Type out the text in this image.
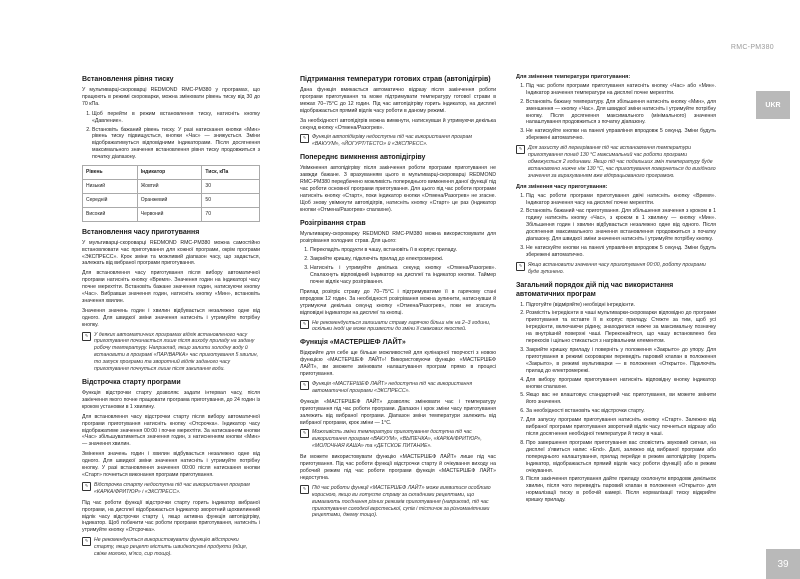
RMC-PM380
UKR
39
Встановлення рівня тиску

У мультиварці-скороварці REDMOND RMC-PM380 у програмах, що працюють в режимі скороварки, можна змінювати рівень тиску від 30 до 70 кПа.

1. Щоб перейти в режим встановлення тиску, натисніть кнопку «Давление».
2. Встановіть бажаний рівень тиску. У разі натискання кнопки «Мин» рівень тиску підвищується, кнопки «Час» — знижується. Зміни відображатимуться відповідними індикаторами. Після досягнення максимального значення встановлення рівня тиску продовжиться з початку діапазону.
Рівень	Індикатор	Тиск, кПа
Низький	Жовтий	30
Середній	Оранжевий	50
Високий	Червоний	70
Встановлення часу приготування

У мультиварці-скороварці REDMOND RMC-PM380 можна самостійно встановлювати час приготування для кожної програми, окрім програми «ЭКСПРЕСС». Крок зміни та можливий діапазон часу, що задається, залежать від вибраної програми приготування.

Для встановлення часу приготування після вибору автоматичної програми натисніть кнопку «Время». Значення годин на індикаторі часу почне мерехтіти. Встановіть бажане значення годин, натискуючи кнопку «Час». Вибравши значення годин, натисніть кнопку «Мин», встановіть значення хвилин.

Значення значень годин і хвилин відбувається незалежно одне від одного. Для швидкої зміни значення натисніть і утримуйте потрібну кнопку.

✎	У деяких автоматичних програмах відлік встановленого часу приготування починається лише після виходу приладу на задану робочу температуру. Наприклад, якщо залити холодну воду й встановити в програмі «ПАР/ВАРКА» час приготування 5 хвилин, то запуск програми та зворотний відлік заданого часу приготування почнуться лише після закипання води.
Відстрочка старту програми

Функція відстрочки старту дозволяє задати інтервал часу, після закінчення якого почне працювати програма приготування, до 24 годин із кроком установки в 1 хвилину.

Для встановлення часу відстрочки старту після вибору автоматичної програми приготування натисніть кнопку «Отсрочка». Індикатор часу відображатиме значення 00:00 і почне мерехтіти. За натисканням кнопки «Час» збільшуватиметься значення годин, з натисненням кнопки «Мин» — значення хвилин.

Змінення значень годин і хвилин відбувається незалежно одне від одного. Для швидкої зміни значення натисніть і утримуйте потрібну кнопку. У разі встановлення значення 00:00 після натискання кнопки «Старт» почнеться виконання програми приготування.

✎	Відстрочка старту недоступна під час використання програм «КАРКА/ФРИТЮР» і «ЭКСПРЕСС».

Під час роботи функції відстрочки старту горить індикатор вибраної програми, на дисплеї відображається індикатор зворотний щохвилинний відлік часу відстрочки старту і, якщо активна функція автопідігріву, індикатор. Щоб побачити час роботи програми приготування, натисніть і утримуйте кнопку «Отсрочка».

✎	Не рекомендується використовувати функцію відстрочки старту, якщо рецепт містить швидкопсувні продукти (яйця, свіже молоко, м'ясо, сир тощо).
Підтримання температури готових страв (автопідігрів)

Дана функція вмикається автоматично відразу після закінчення роботи програми приготування та може підтримувати температуру готової страви в межах 70–75°С до 12 годин. Під час автопідігріву горить індикатор, на дисплеї відображається прямий відлік часу роботи в даному режимі.

За необхідності автопідігрів можна вимкнути, натиснувши й утримуючи декілька секунд кнопку «Отмена/Разогрев».

✎	Функція автопідігріву недоступна під час використання програм «ВАКУУМ», «ЙОГУРТ/ТЕСТО» й «ЭКСПРЕСС».
Попереднє вимкнення автопідігріву

Увімкнення автопідігріву після закінчення роботи програми приготування не завжди бажане. З врахуванням цього в мультиварці-скороварці REDMOND RMC-PM380 передбачено можливість попереднього вимкнення даної функції під час роботи основної програми приготування. Для цього під час роботи програми натисніть кнопку «Старт», поки індикатор кнопки «Отмена/Разогрев» не згасне. Щоб знову увімкнути автопідігрів, натисніть кнопку «Старт» це раз (індикатор кнопки «Отмена/Разогрев» спалахне).

Розігрівання страв

Мультиварку-скороварку REDMOND RMC-PM380 можна використовувати для розігрівання холодних страв. Для цього:

1. Перекладіть продукти в чашу, встановіть її в корпус приладу.
2. Закрийте кришку, підключіть прилад до електромережі.
3. Натисніть і утримуйте декілька секунд кнопку «Отмена/Разогрев». Спалахнуть відповідний індикатор на дисплеї та індикатор кнопки. Таймер почне відлік часу розігрівання.

Прилад розігріє страву до 70–75°С і підтримуватиме її в гарячому стані впродовж 12 годин. За необхідності розігрівання можна зупинити, натиснувши й утримуючи декілька секунд кнопку «Отмена/Разогрев», поки не згаснуть відповідні індикатори на дисплеї та кнопці.

✎	Не рекомендується залишати страву гарячою більш ніж на 2–3 години, оскільки іноді це може призвести до зміни її смакових якостей.
Функція «МАСТЕРШЕФ ЛАЙТ»

Відкрийте для себе ще більше можливостей для кулінарної творчості з новою функцією «МАСТЕРШЕФ ЛАЙТ»! Використовуючи функцію «МАСТЕРШЕФ ЛАЙТ», ви зможете змінювати налаштування програм прямо в процесі приготування.

✎	Функція «МАСТЕРШЕФ ЛАЙТ» недоступна під час використання автоматичної програми «ЭКСПРЕСС».

Функція «МАСТЕРШЕФ ЛАЙТ» дозволяє змінювати час і температуру приготування під час роботи програми. Діапазон і крок зміни часу приготування залежить від вибраної програми. Діапазон зміни температури залежить від вибраної програми, крок зміни — 1°С.

✎	Можливість зміни температури приготування доступна під час використання програм «ВАКУУМ», «ВЫПЕЧКА», «КАРКА/ФРИТЮР», «МОЛОЧНАЯ КАША» та «ДЕТСКОЕ ПИТАНИЕ».

Ви можете використовувати функцію «МАСТЕРШЕФ ЛАЙТ» лише під час приготування. Під час роботи функції відстрочки старту й очікування виходу на робочий режим під час роботи програми функція «МАСТЕРШЕФ ЛАЙТ» недоступна.

✎	Під час роботи функції «МАСТЕРШЕФ ЛАЙТ» може виявитися особливо корисною, якщо ви готуєте страву за складними рецептами, що вимагають поєднання різних режимів приготування (наприклад, під час приготування солодкої верстеської, супів і тістичок за різноманітними рецептами, джему тощо).
Для змінення температури приготування:
1. Під час роботи програми приготування натисніть кнопку «Час» або «Мин». Індикатор значення температури на дисплеї почне мерехтіти.
2. Встановіть бажану температуру. Для збільшення натисніть кнопку «Мин», для зменшення — кнопку «Час». Для швидкої зміни натисніть і утримуйте потрібну кнопку. Після досягнення максимального (мінімального) значення налаштування продовжиться з початку діапазону.
3. Не натискуйте кнопки на панелі управління впродовж 5 секунд. Зміни будуть збережені автоматично.
✎	Для захисту від перегрівання під час встановлення температури приготування понад 130 °С максимальний час роботи програми обмежується 2 годинами. Якщо під час подальших змін температуру буде встановлено нижче ніж 130 °С, час приготування повернеться до вихідного значення за вирахуванням вже відпрацьованого програмою.
Для змінення часу приготування:
1. Під час роботи програми приготування двічі натисніть кнопку «Время». Індикатор значення часу на дисплеї почне мерехтіти.
2. Встановіть бажаний час приготування. Для збільшення значення з кроком в 1 годину натисніть кнопку «Час», з кроком в 1 хвилину — кнопку «Мин». Збільшення годин і хвилин відбувається незалежно одне від одного. Після досягнення максимального значення встановлення продовжиться з початку діапазону. Для швидкої зміни значення натисніть і утримуйте потрібну кнопку.
3. Не натискуйте кнопки на панелі управління впродовж 5 секунд. Зміни будуть збережені автоматично.
✎	Якщо встановити значення часу приготування 00:00, роботу програми буде зупинено.
Загальний порядок дій під час використання автоматичних програм
1. Підготуйте (відміряйте) необхідні інгредієнти.
2. Розмістіть інгредієнти в чаші мультиварки-скороварки відповідно до програми приготування та вставте її в корпус приладу. Стежте за тим, щоб усі інгредієнти, включаючи рідину, знаходилися нижче за максимальну позначку на внутрішній поверхні чаші. Переконайтеся, що чашу встановлено без перекосів і щільно стикається з нагрівальним елементом.
3. Закрийте кришку приладу і поверніть у положення «Закрыто» до упору. Для приготування в режимі скороварки переведіть паровий клапан в положення «Закрыто», в режимі мультиварки — в положення «Открыто». Підключіть прилад до електромережі.
4. Для вибору програми приготування натисніть відповідну кнопку індикатор кнопки спалахне.
5. Якщо вас не влаштовує стандартний час приготування, ви можете змінити його значення.
6. За необхідності встановіть час відстрочки старту.
7. Для запуску програми приготування натисніть кнопку «Старт». Залежно від вибраної програми приготування зворотний відлік часу почнеться відразу або після досягнення необхідної температури й тиску в чаші.
8. Про завершення програми приготування вас сповістить звуковий сигнал, на дисплеї з'явиться напис «End». Далі, залежно від вибраної програми або попереднього налаштування, прилад перейде в режим автопідігріву (горить індикатор, відображається прямий відлік часу роботи функції) або в режим очікування.
9. Після закінчення приготування дайте приладу охолонути впродовж декількох хвилин, після чого переведіть паровий клапан в положення «Открыто» для нормалізації тиску в робочій камері. Після нормалізації тиску відкрийте кришку приладу.
